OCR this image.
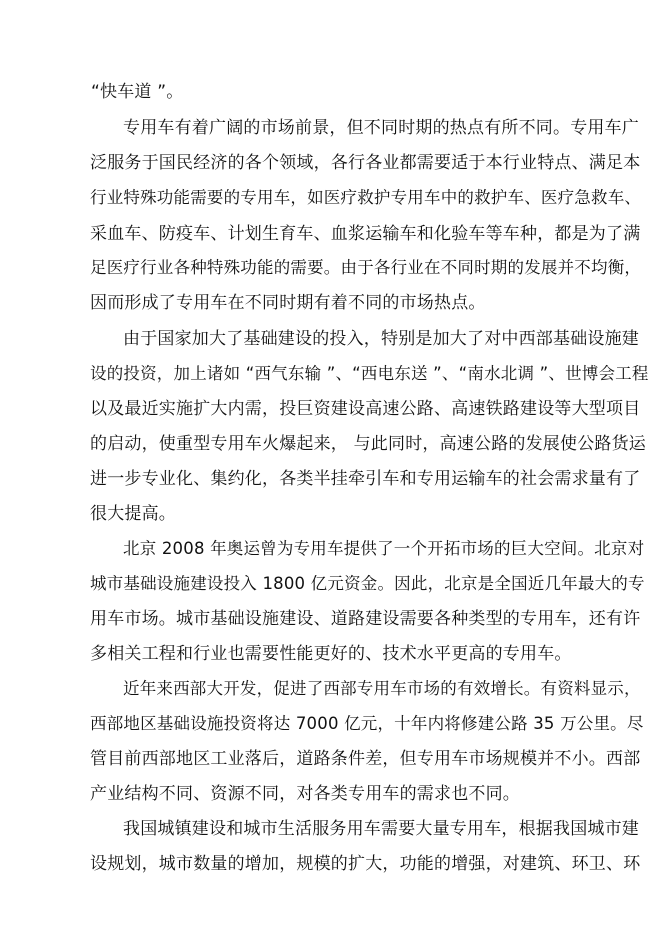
“快车道 ”。
专用车有着广阔的市场前景，但不同时期的热点有所不同。专用车广
泛服务于国民经济的各个领域，各行各业都需要适于本行业特点、满足本
行业特殊功能需要的专用车，如医疗救护专用车中的救护车、医疗急救车、
采血车、防疫车、计划生育车、血浆运输车和化验车等车种，都是为了满
足医疗行业各种特殊功能的需要。由于各行业在不同时期的发展并不均衡，
因而形成了专用车在不同时期有着不同的市场热点。
由于国家加大了基础建设的投入，特别是加大了对中西部基础设施建
设的投资，加上诸如 “西气东输 ”、“西电东送 ”、“南水北调 ”、世博会工程
以及最近实施扩大内需，投巨资建设高速公路、高速铁路建设等大型项目
的启动，使重型专用车火爆起来， 与此同时，高速公路的发展使公路货运
进一步专业化、集约化，各类半挂牵引车和专用运输车的社会需求量有了
很大提高。
北京 2008 年奥运曾为专用车提供了一个开拓市场的巨大空间。北京对
城市基础设施建设投入 1800 亿元资金。因此，北京是全国近几年最大的专
用车市场。城市基础设施建设、道路建设需要各种类型的专用车，还有许
多相关工程和行业也需要性能更好的、技术水平更高的专用车。
近年来西部大开发，促进了西部专用车市场的有效增长。有资料显示，
西部地区基础设施投资将达 7000 亿元，十年内将修建公路 35 万公里。尽
管目前西部地区工业落后，道路条件差，但专用车市场规模并不小。西部
产业结构不同、资源不同，对各类专用车的需求也不同。
我国城镇建设和城市生活服务用车需要大量专用车，根据我国城市建
设规划，城市数量的增加，规模的扩大，功能的增强，对建筑、环卫、环
